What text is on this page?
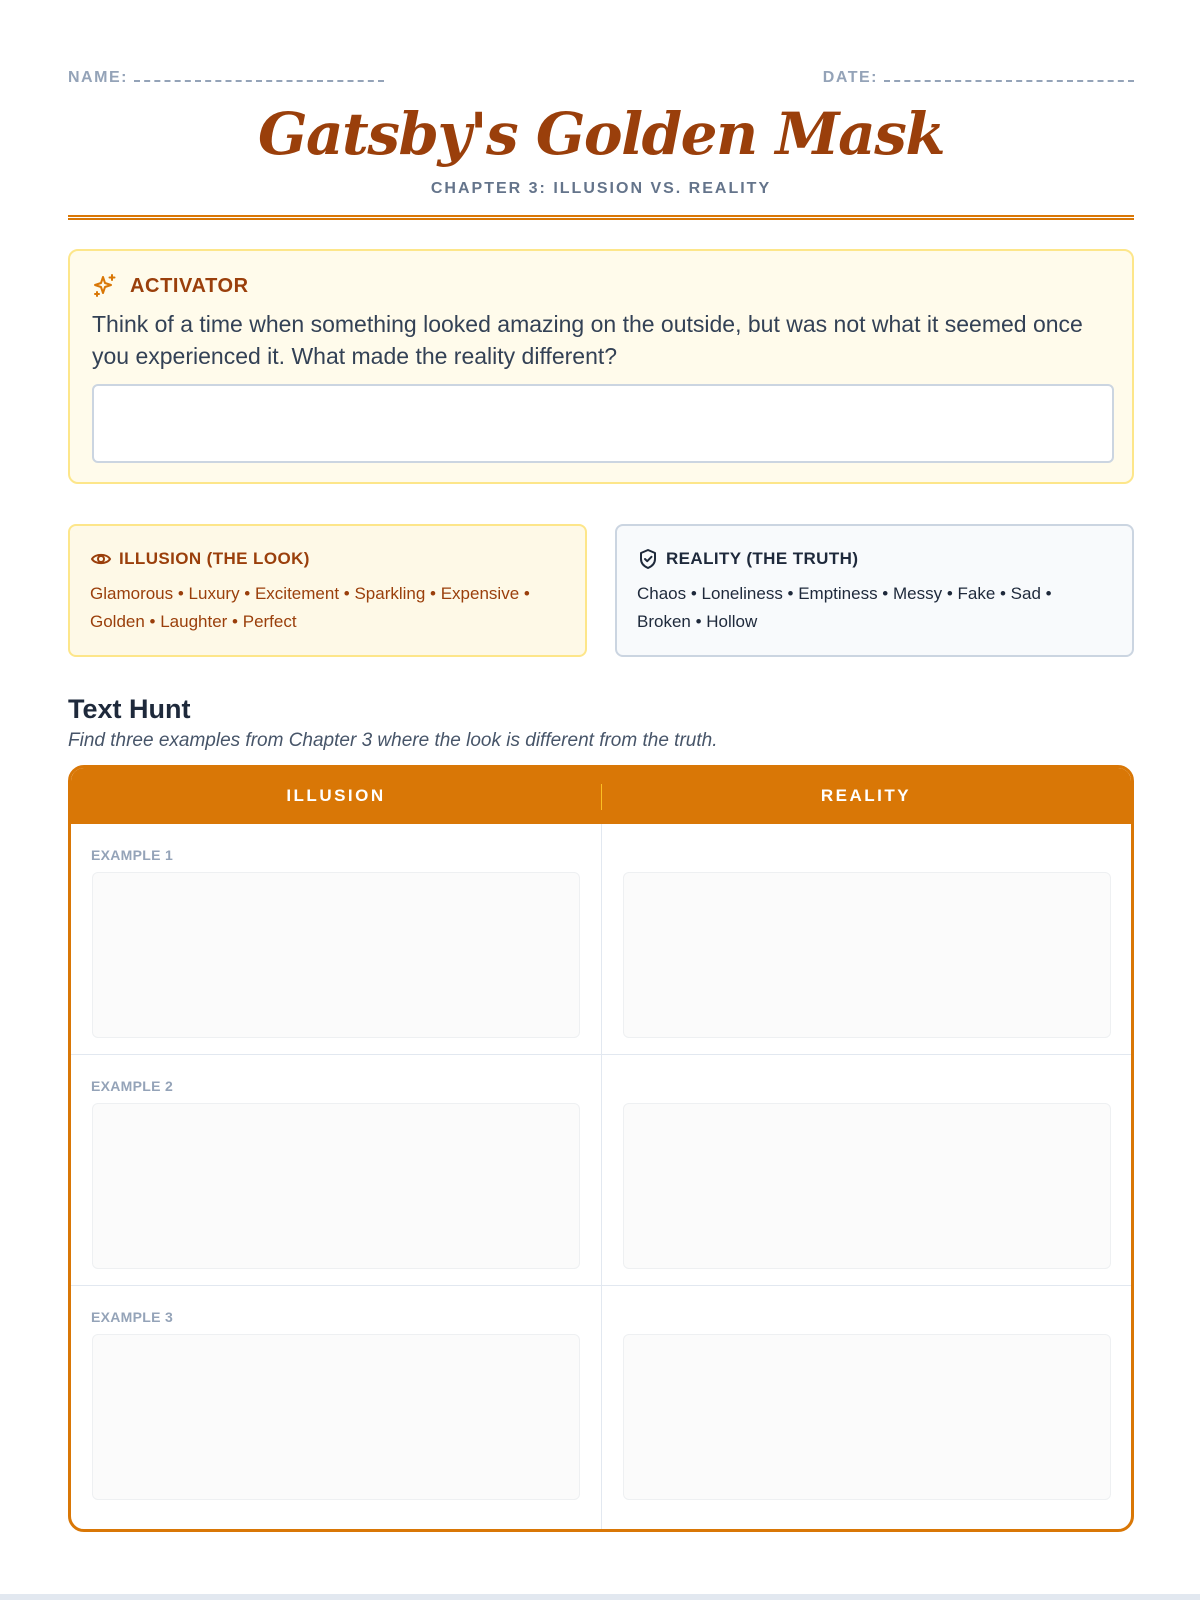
NAME:	DATE:
Gatsby's Golden Mask
CHAPTER 3: ILLUSION VS. REALITY
ACTIVATOR
Think of a time when something looked amazing on the outside, but was not what it seemed once you experienced it. What made the reality different?
ILLUSION (THE LOOK)
Glamorous • Luxury • Excitement • Sparkling • Expensive • Golden • Laughter • Perfect
REALITY (THE TRUTH)
Chaos • Loneliness • Emptiness • Messy • Fake • Sad • Broken • Hollow
Text Hunt
Find three examples from Chapter 3 where the look is different from the truth.
ILLUSION	REALITY
EXAMPLE 1
EXAMPLE 2
EXAMPLE 3
